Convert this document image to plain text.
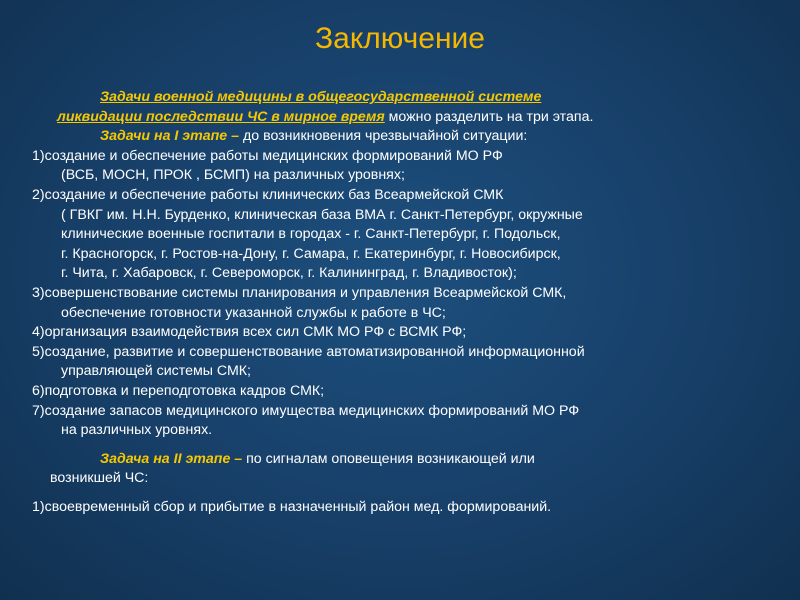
Заключение
Задачи военной медицины в общегосударственной системе
ликвидации последствии ЧС в мирное время можно разделить на три этапа.
Задачи на I этапе – до возникновения чрезвычайной ситуации:
1)создание и обеспечение работы медицинских формирований МО РФ
(ВСБ, МОСН, ПРОК , БСМП) на различных уровнях;
2)создание и обеспечение работы клинических баз Всеармейской СМК
( ГВКГ им. Н.Н. Бурденко, клиническая база ВМА г. Санкт-Петербург, окружные
клинические военные госпитали в городах - г. Санкт-Петербург, г. Подольск,
г. Красногорск, г. Ростов-на-Дону, г. Самара, г. Екатеринбург, г. Новосибирск,
г. Чита, г. Хабаровск, г. Североморск, г. Калининград, г. Владивосток);
3)совершенствование системы планирования и управления Всеармейской СМК,
обеспечение готовности указанной службы к работе в ЧС;
4)организация взаимодействия всех сил СМК МО РФ с ВСМК РФ;
5)создание, развитие и совершенствование автоматизированной информационной
управляющей системы СМК;
6)подготовка и переподготовка кадров СМК;
7)создание запасов медицинского имущества медицинских формирований МО РФ
на различных уровнях.
Задача на II этапе – по сигналам оповещения возникающей или
возникшей ЧС:
1)своевременный сбор и прибытие в назначенный район мед. формирований.
